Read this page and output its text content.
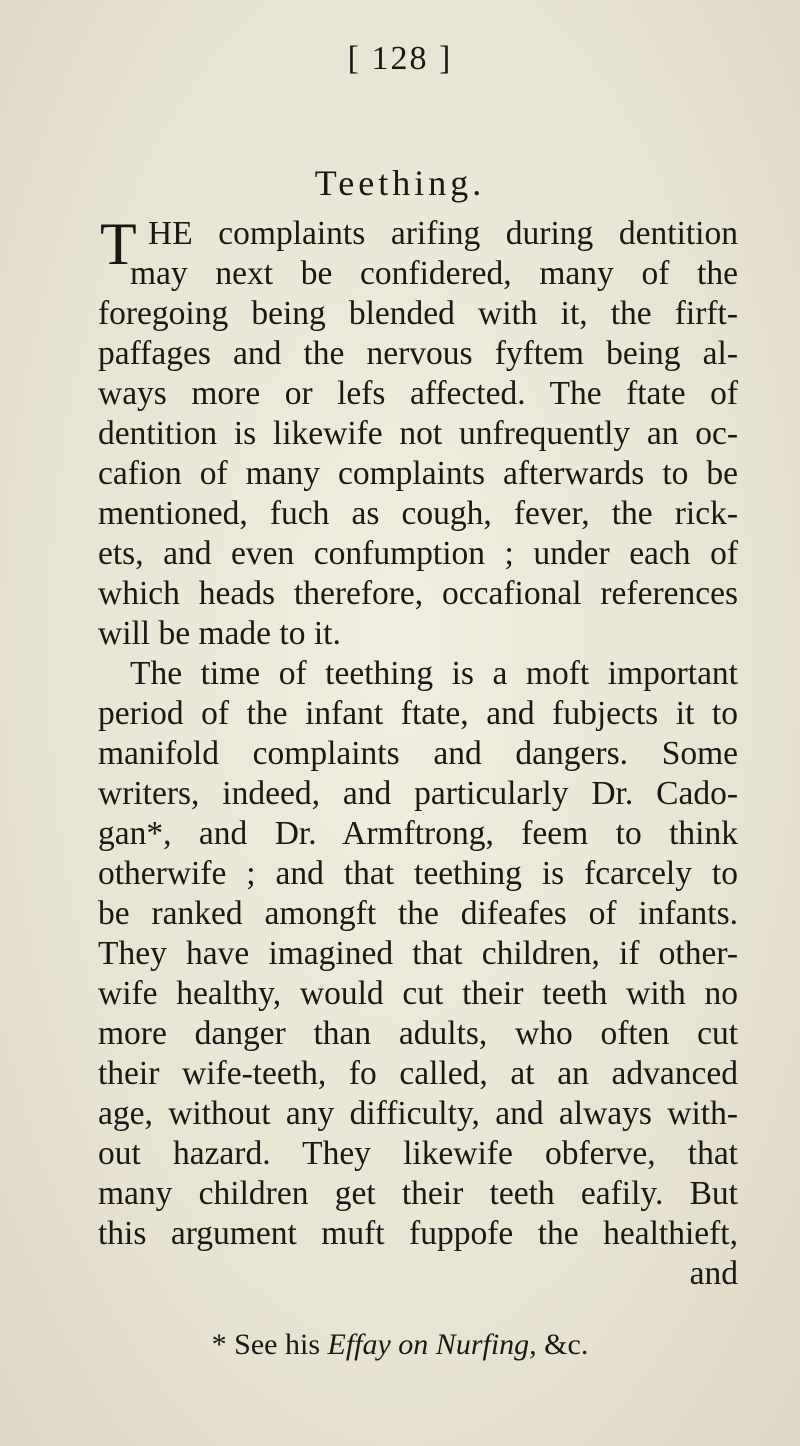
[ 128 ]
Teething.
T HE complaints arifing during dentition
may next be confidered, many of the
foregoing being blended with it, the firft-
paffages and the nervous fyftem being al-
ways more or lefs affected. The ftate of
dentition is likewife not unfrequently an oc-
cafion of many complaints afterwards to be
mentioned, fuch as cough, fever, the rick-
ets, and even confumption ; under each of
which heads therefore, occafional references
will be made to it.
The time of teething is a moft important
period of the infant ftate, and fubjects it to
manifold complaints and dangers. Some
writers, indeed, and particularly Dr. Cado-
gan*, and Dr. Armftrong, feem to think
otherwife ; and that teething is fcarcely to
be ranked amongft the difeafes of infants.
They have imagined that children, if other-
wife healthy, would cut their teeth with no
more danger than adults, who often cut
their wife-teeth, fo called, at an advanced
age, without any difficulty, and always with-
out hazard. They likewife obferve, that
many children get their teeth eafily. But
this argument muft fuppofe the healthieft,
and
* See his Effay on Nurfing, &c.
